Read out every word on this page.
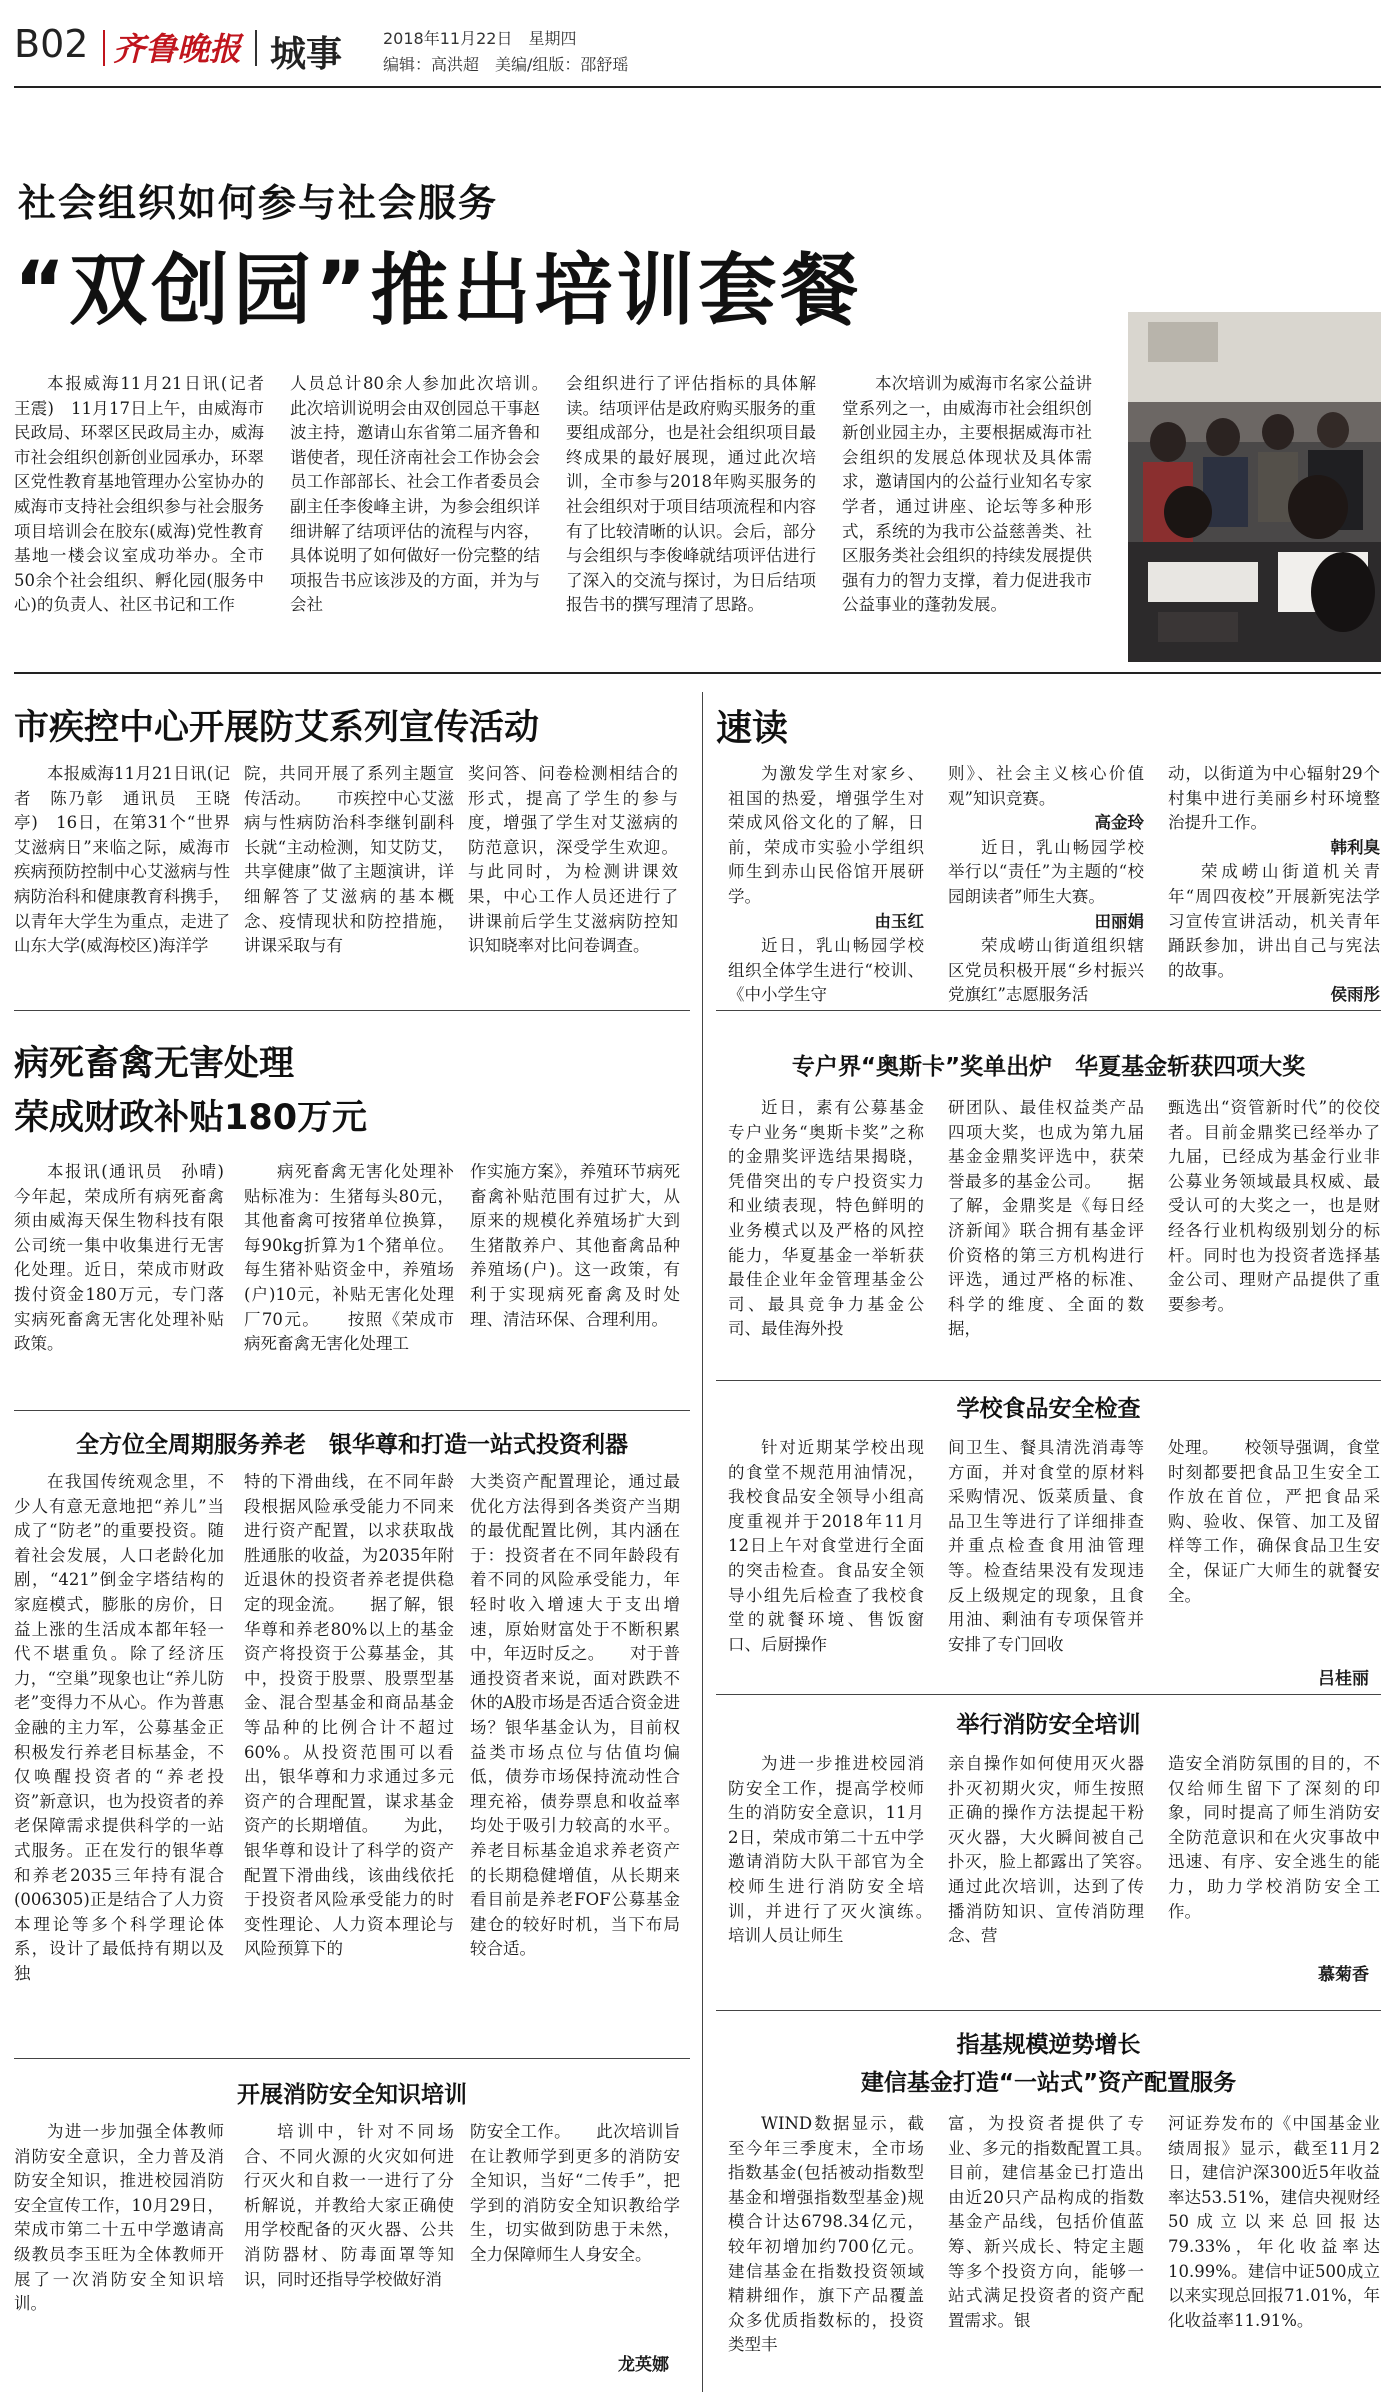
B02 齐鲁晚报 城事	2018年11月22日　星期四
编辑：高洪超　美编/组版：邵舒瑶
社会组织如何参与社会服务
“双创园”推出培训套餐

本报威海11月21日讯(记者　王震)　11月17日上午，由威海市民政局、环翠区民政局主办，威海市社会组织创新创业园承办，环翠区党性教育基地管理办公室协办的威海市支持社会组织参与社会服务项目培训会在胶东(威海)党性教育基地一楼会议室成功举办。全市50余个社会组织、孵化园(服务中心)的负责人、社区书记和工作

人员总计80余人参加此次培训。　　此次培训说明会由双创园总干事赵波主持，邀请山东省第二届齐鲁和谐使者，现任济南社会工作协会会员工作部部长、社会工作者委员会副主任李俊峰主讲，为参会组织详细讲解了结项评估的流程与内容，具体说明了如何做好一份完整的结项报告书应该涉及的方面，并为与会社

会组织进行了评估指标的具体解读。结项评估是政府购买服务的重要组成部分，也是社会组织项目最终成果的最好展现，通过此次培训，全市参与2018年购买服务的社会组织对于项目结项流程和内容有了比较清晰的认识。会后，部分与会组织与李俊峰就结项评估进行了深入的交流与探讨，为日后结项报告书的撰写理清了思路。

本次培训为威海市名家公益讲堂系列之一，由威海市社会组织创新创业园主办，主要根据威海市社会组织的发展总体现状及具体需求，邀请国内的公益行业知名专家学者，通过讲座、论坛等多种形式，系统的为我市公益慈善类、社区服务类社会组织的持续发展提供强有力的智力支撑，着力促进我市公益事业的蓬勃发展。

市疾控中心开展防艾系列宣传活动

本报威海11月21日讯(记者　陈乃彰　通讯员　王晓亭)　16日，在第31个“世界艾滋病日”来临之际，威海市疾病预防控制中心艾滋病与性病防治科和健康教育科携手，以青年大学生为重点，走进了山东大学(威海校区)海洋学

院，共同开展了系列主题宣传活动。　　市疾控中心艾滋病与性病防治科李继钊副科长就“主动检测，知艾防艾，共享健康”做了主题演讲，详细解答了艾滋病的基本概念、疫情现状和防控措施，讲课采取与有

奖问答、问卷检测相结合的形式，提高了学生的参与度，增强了学生对艾滋病的防范意识，深受学生欢迎。与此同时，为检测讲课效果，中心工作人员还进行了讲课前后学生艾滋病防控知识知晓率对比问卷调查。

速读

为激发学生对家乡、祖国的热爱，增强学生对荣成风俗文化的了解，日前，荣成市实验小学组织师生到赤山民俗馆开展研学。

由玉红

近日，乳山畅园学校组织全体学生进行“校训、《中小学生守

则》、社会主义核心价值观”知识竞赛。

高金玲

近日，乳山畅园学校举行以“责任”为主题的“校园朗读者”师生大赛。

田丽娟

荣成崂山街道组织辖区党员积极开展“乡村振兴党旗红”志愿服务活

动，以街道为中心辐射29个村集中进行美丽乡村环境整治提升工作。

韩利臭

荣成崂山街道机关青年“周四夜校”开展新宪法学习宣传宣讲活动，机关青年踊跃参加，讲出自己与宪法的故事。

侯雨彤
病死畜禽无害处理
荣成财政补贴180万元

本报讯(通讯员　孙晴)　今年起，荣成所有病死畜禽须由威海天保生物科技有限公司统一集中收集进行无害化处理。近日，荣成市财政拨付资金180万元，专门落实病死畜禽无害化处理补贴政策。

病死畜禽无害化处理补贴标准为：生猪每头80元，其他畜禽可按猪单位换算，每90kg折算为1个猪单位。每生猪补贴资金中，养殖场(户)10元，补贴无害化处理厂70元。　　按照《荣成市病死畜禽无害化处理工

作实施方案》，养殖环节病死畜禽补贴范围有过扩大，从原来的规模化养殖场扩大到生猪散养户、其他畜禽品种养殖场(户)。这一政策，有利于实现病死畜禽及时处理、清洁环保、合理利用。

全方位全周期服务养老　银华尊和打造一站式投资利器

在我国传统观念里，不少人有意无意地把“养儿”当成了“防老”的重要投资。随着社会发展，人口老龄化加剧，“421”倒金字塔结构的家庭模式，膨胀的房价，日益上涨的生活成本都年轻一代不堪重负。除了经济压力，“空巢”现象也让“养儿防老”变得力不从心。作为普惠金融的主力军，公募基金正积极发行养老目标基金，不仅唤醒投资者的“养老投资”新意识，也为投资者的养老保障需求提供科学的一站式服务。正在发行的银华尊和养老2035三年持有混合(006305)正是结合了人力资本理论等多个科学理论体系，设计了最低持有期以及独

特的下滑曲线，在不同年龄段根据风险承受能力不同来进行资产配置，以求获取战胜通胀的收益，为2035年附近退休的投资者养老提供稳定的现金流。　　据了解，银华尊和养老80%以上的基金资产将投资于公募基金，其中，投资于股票、股票型基金、混合型基金和商品基金等品种的比例合计不超过60%。从投资范围可以看出，银华尊和力求通过多元资产的合理配置，谋求基金资产的长期增值。　　为此，银华尊和设计了科学的资产配置下滑曲线，该曲线依托于投资者风险承受能力的时变性理论、人力资本理论与风险预算下的

大类资产配置理论，通过最优化方法得到各类资产当期的最优配置比例，其内涵在于：投资者在不同年龄段有着不同的风险承受能力，年轻时收入增速大于支出增速，原始财富处于不断积累中，年迈时反之。　　对于普通投资者来说，面对跌跌不休的A股市场是否适合资金进场？银华基金认为，目前权益类市场点位与估值均偏低，债券市场保持流动性合理充裕，债券票息和收益率均处于吸引力较高的水平。养老目标基金追求养老资产的长期稳健增值，从长期来看目前是养老FOF公募基金建仓的较好时机，当下布局较合适。

开展消防安全知识培训

为进一步加强全体教师消防安全意识，全力普及消防安全知识，推进校园消防安全宣传工作，10月29日，荣成市第二十五中学邀请高级教员李玉旺为全体教师开展了一次消防安全知识培训。

培训中，针对不同场合、不同火源的火灾如何进行灭火和自救一一进行了分析解说，并教给大家正确使用学校配备的灭火器、公共消防器材、防毒面罩等知识，同时还指导学校做好消

防安全工作。　　此次培训旨在让教师学到更多的消防安全知识，当好“二传手”，把学到的消防安全知识教给学生，切实做到防患于未然，全力保障师生人身安全。

龙英娜
专户界“奥斯卡”奖单出炉　华夏基金斩获四项大奖

近日，素有公募基金专户业务“奥斯卡奖”之称的金鼎奖评选结果揭晓，凭借突出的专户投资实力和业绩表现，特色鲜明的业务模式以及严格的风控能力，华夏基金一举斩获最佳企业年金管理基金公司、最具竞争力基金公司、最佳海外投

研团队、最佳权益类产品四项大奖，也成为第九届基金金鼎奖评选中，获荣誉最多的基金公司。　　据了解，金鼎奖是《每日经济新闻》联合拥有基金评价资格的第三方机构进行评选，通过严格的标准、科学的维度、全面的数据，

甄选出“资管新时代”的佼佼者。目前金鼎奖已经举办了九届，已经成为基金行业非公募业务领域最具权威、最受认可的大奖之一，也是财经各行业机构级别划分的标杆。同时也为投资者选择基金公司、理财产品提供了重要参考。

学校食品安全检查

针对近期某学校出现的食堂不规范用油情况，我校食品安全领导小组高度重视并于2018年11月12日上午对食堂进行全面的突击检查。食品安全领导小组先后检查了我校食堂的就餐环境、售饭窗口、后厨操作

间卫生、餐具清洗消毒等方面，并对食堂的原材料采购情况、饭菜质量、食品卫生等进行了详细排查并重点检查食用油管理等。检查结果没有发现违反上级规定的现象，且食用油、剩油有专项保管并安排了专门回收

处理。　　校领导强调，食堂时刻都要把食品卫生安全工作放在首位，严把食品采购、验收、保管、加工及留样等工作，确保食品卫生安全，保证广大师生的就餐安全。

吕桂丽
举行消防安全培训

为进一步推进校园消防安全工作，提高学校师生的消防安全意识，11月2日，荣成市第二十五中学邀请消防大队干部官为全校师生进行消防安全培训，并进行了灭火演练。　　培训人员让师生

亲自操作如何使用灭火器扑灭初期火灾，师生按照正确的操作方法提起干粉灭火器，大火瞬间被自己扑灭，脸上都露出了笑容。　　通过此次培训，达到了传播消防知识、宣传消防理念、营

造安全消防氛围的目的，不仅给师生留下了深刻的印象，同时提高了师生消防安全防范意识和在火灾事故中迅速、有序、安全逃生的能力，助力学校消防安全工作。

慕菊香
指基规模逆势增长
建信基金打造“一站式”资产配置服务

WIND数据显示，截至今年三季度末，全市场指数基金(包括被动指数型基金和增强指数型基金)规模合计达6798.34亿元，较年初增加约700亿元。建信基金在指数投资领域精耕细作，旗下产品覆盖众多优质指数标的，投资类型丰

富，为投资者提供了专业、多元的指数配置工具。　　目前，建信基金已打造出由近20只产品构成的指数基金产品线，包括价值蓝筹、新兴成长、特定主题等多个投资方向，能够一站式满足投资者的资产配置需求。银

河证券发布的《中国基金业绩周报》显示，截至11月2日，建信沪深300近5年收益率达53.51%，建信央视财经50成立以来总回报达79.33%，年化收益率达10.99%。建信中证500成立以来实现总回报71.01%，年化收益率11.91%。
